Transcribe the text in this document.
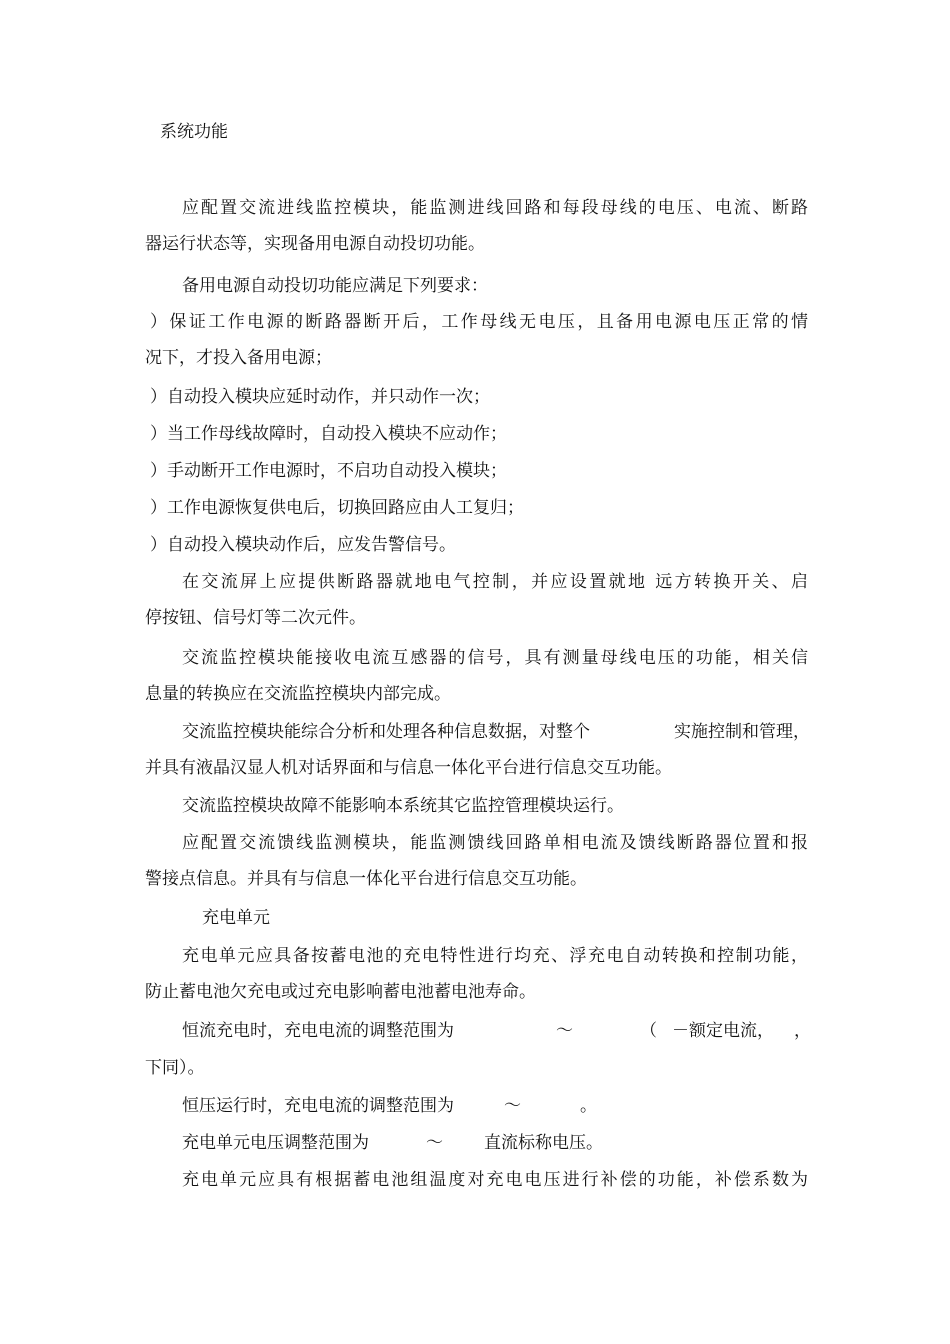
系统功能
应配置交流进线监控模块，能监测进线回路和每段母线的电压、电流、断路
器运行状态等，实现备用电源自动投切功能。
备用电源自动投切功能应满足下列要求：
）保证工作电源的断路器断开后，工作母线无电压，且备用电源电压正常的情
况下，才投入备用电源；
）自动投入模块应延时动作，并只动作一次；
）当工作母线故障时，自动投入模块不应动作；
）手动断开工作电源时，不启功自动投入模块；
）工作电源恢复供电后，切换回路应由人工复归；
）自动投入模块动作后，应发告警信号。
在交流屏上应提供断路器就地电气控制，并应设置就地 远方转换开关、启
停按钮、信号灯等二次元件。
交流监控模块能接收电流互感器的信号，具有测量母线电压的功能，相关信
息量的转换应在交流监控模块内部完成。
交流监控模块能综合分析和处理各种信息数据，对整个	实施控制和管理，
并具有液晶汉显人机对话界面和与信息一体化平台进行信息交互功能。
交流监控模块故障不能影响本系统其它监控管理模块运行。
应配置交流馈线监测模块，能监测馈线回路单相电流及馈线断路器位置和报
警接点信息。并具有与信息一体化平台进行信息交互功能。
充电单元
充电单元应具备按蓄电池的充电特性进行均充、浮充电自动转换和控制功能，
防止蓄电池欠充电或过充电影响蓄电池蓄电池寿命。
恒流充电时，充电电流的调整范围为	～	（ －额定电流， ，
下同）。
恒压运行时，充电电流的调整范围为	～	。
充电单元电压调整范围为	～ 直流标称电压。
充电单元应具有根据蓄电池组温度对充电电压进行补偿的功能，补偿系数为
